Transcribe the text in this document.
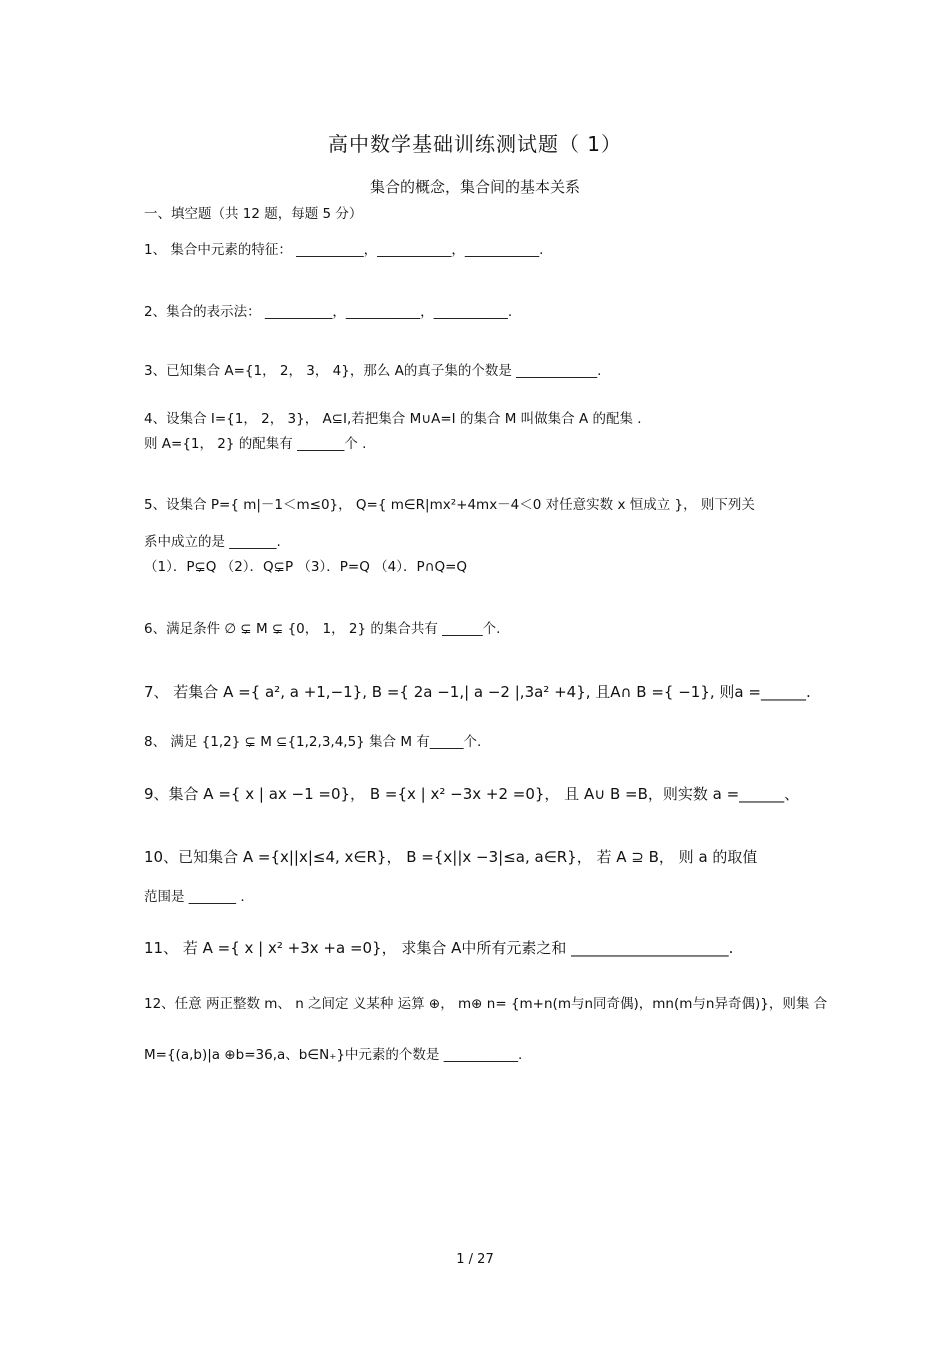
高中数学基础训练测试题（ 1）
集合的概念，集合间的基本关系
一、填空题（共 12 题，每题 5 分）
1、 集合中元素的特征： __________，___________，___________.
2、集合的表示法： __________，___________，___________.
3、已知集合 A={1， 2， 3， 4}，那么 A的真子集的个数是 ____________.
4、设集合 I={1， 2， 3}， A⊆I,若把集合 M∪A=I 的集合 M 叫做集合 A 的配集 .
则 A={1， 2} 的配集有 _______个 .
5、设集合 P={ m|－1＜m≤0}， Q={ m∈R|mx²+4mx－4＜0 对任意实数 x 恒成立 }， 则下列关
系中成立的是 _______.
（1）．P⊊Q （2）．Q⊊P （3）．P=Q （4）．P∩Q=Q
6、满足条件 ∅ ⊊ M ⊊ {0， 1， 2} 的集合共有 ______个.
7、 若集合 A ={ a², a +1,−1}, B ={ 2a −1,| a −2 |,3a² +4}, 且A∩ B ={ −1}, 则a =______.
8、 满足 {1,2} ⊊ M ⊆{1,2,3,4,5} 集合 M 有_____个.
9、集合 A ={ x | ax −1 =0}， B ={x | x² −3x +2 =0}， 且 A∪ B =B，则实数 a =______、
10、已知集合 A ={x||x|≤4, x∈R}， B ={x||x −3|≤a, a∈R}， 若 A ⊇ B， 则 a 的取值
范围是 _______ .
11、 若 A ={ x | x² +3x +a =0}， 求集合 A中所有元素之和 _____________________.
12、任意 两正整数 m、 n 之间定 义某种 运算 ⊕， m⊕ n= {m+n(m与n同奇偶)，mn(m与n异奇偶)}，则集 合
M={(a,b)|a ⊕b=36,a、b∈N₊}中元素的个数是 ___________.
1 / 27
